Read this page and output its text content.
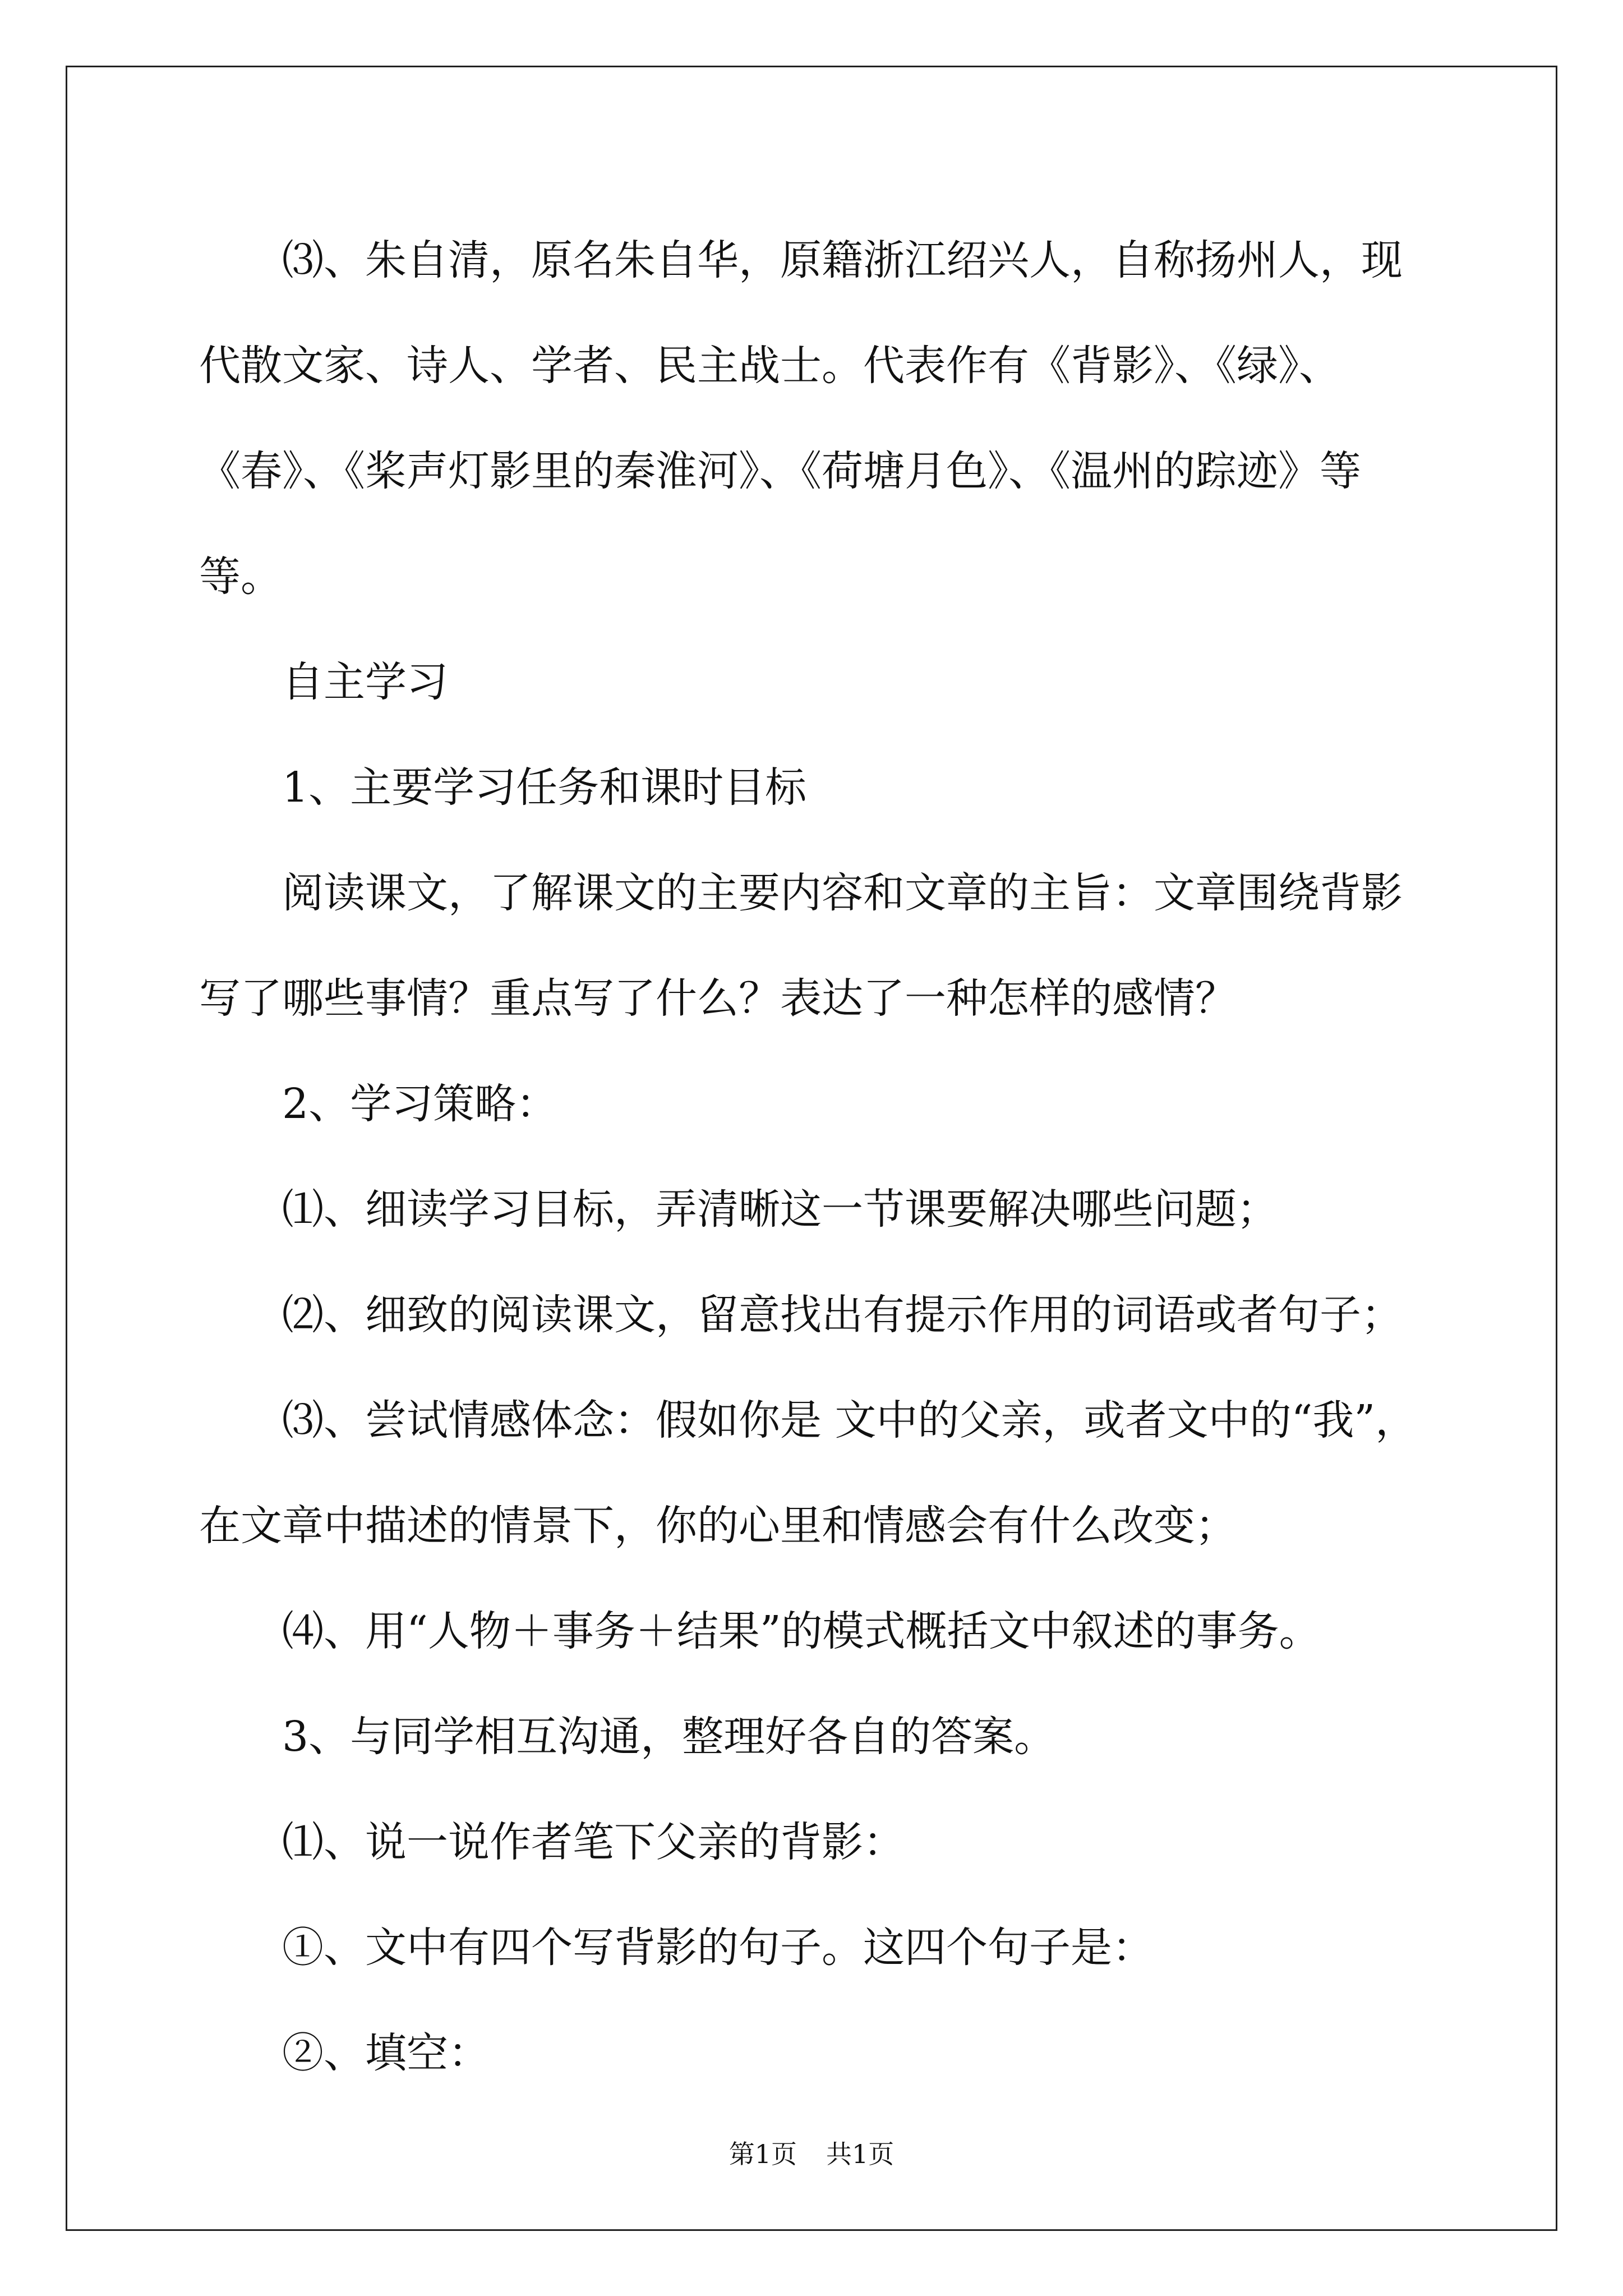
⑶、朱自清，原名朱自华，原籍浙江绍兴人，自称扬州人，现代散文家、诗人、学者、民主战士。代表作有《背影》、《绿》、《春》、《桨声灯影里的秦淮河》、《荷塘月色》、《温州的踪迹》等等。

自主学习

1、主要学习任务和课时目标

阅读课文，了解课文的主要内容和文章的主旨：文章围绕背影写了哪些事情？重点写了什么？表达了一种怎样的感情？

2、学习策略：

⑴、细读学习目标，弄清晰这一节课要解决哪些问题；

⑵、细致的阅读课文，留意找出有提示作用的词语或者句子；

⑶、尝试情感体念：假如你是 文中的父亲，或者文中的“我”，在文章中描述的情景下，你的心里和情感会有什么改变；

⑷、用“人物＋事务＋结果”的模式概括文中叙述的事务。

3、与同学相互沟通，整理好各自的答案。

⑴、说一说作者笔下父亲的背影：

①、文中有四个写背影的句子。这四个句子是：

②、填空：

第1页 共1页
